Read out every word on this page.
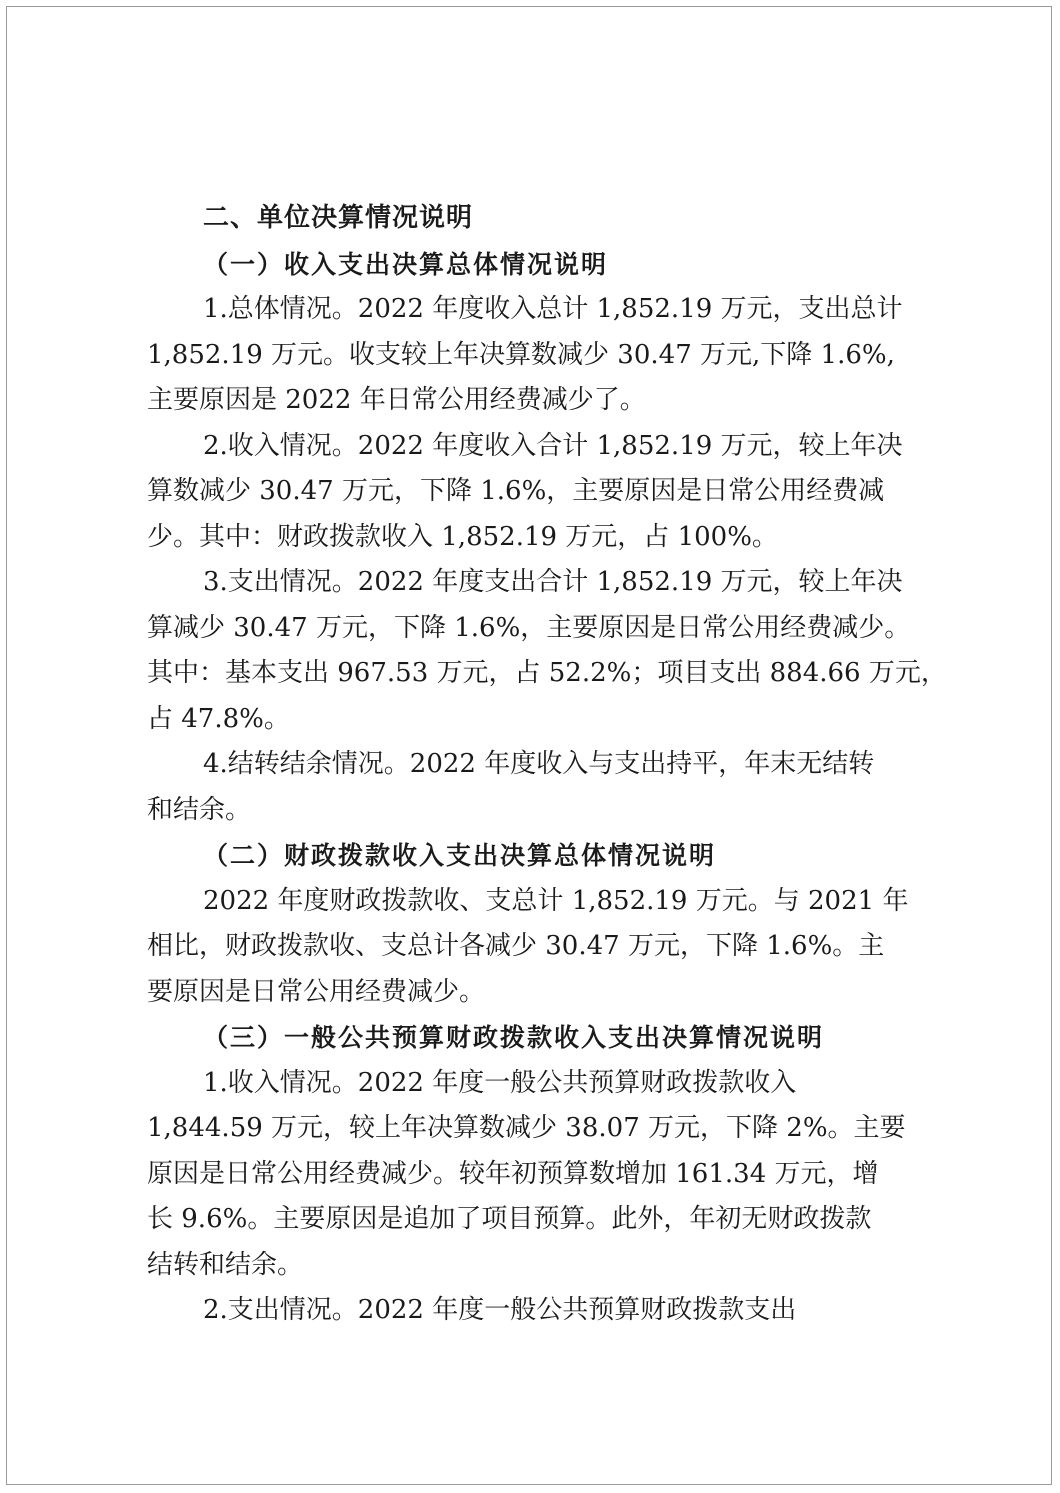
二、单位决算情况说明
（一）收入支出决算总体情况说明
1.总体情况。2022 年度收入总计 1,852.19 万元，支出总计
1,852.19 万元。收支较上年决算数减少 30.47 万元,下降 1.6%,
主要原因是 2022 年日常公用经费减少了。
2.收入情况。2022 年度收入合计 1,852.19 万元，较上年决
算数减少 30.47 万元，下降 1.6%，主要原因是日常公用经费减
少。其中：财政拨款收入 1,852.19 万元，占 100%。
3.支出情况。2022 年度支出合计 1,852.19 万元，较上年决
算减少 30.47 万元，下降 1.6%，主要原因是日常公用经费减少。
其中：基本支出 967.53 万元，占 52.2%；项目支出 884.66 万元，
占 47.8%。
4.结转结余情况。2022 年度收入与支出持平，年末无结转
和结余。
（二）财政拨款收入支出决算总体情况说明
2022 年度财政拨款收、支总计 1,852.19 万元。与 2021 年
相比，财政拨款收、支总计各减少 30.47 万元，下降 1.6%。主
要原因是日常公用经费减少。
（三）一般公共预算财政拨款收入支出决算情况说明
1.收入情况。2022 年度一般公共预算财政拨款收入
1,844.59 万元，较上年决算数减少 38.07 万元，下降 2%。主要
原因是日常公用经费减少。较年初预算数增加 161.34 万元，增
长 9.6%。主要原因是追加了项目预算。此外，年初无财政拨款
结转和结余。
2.支出情况。2022 年度一般公共预算财政拨款支出
